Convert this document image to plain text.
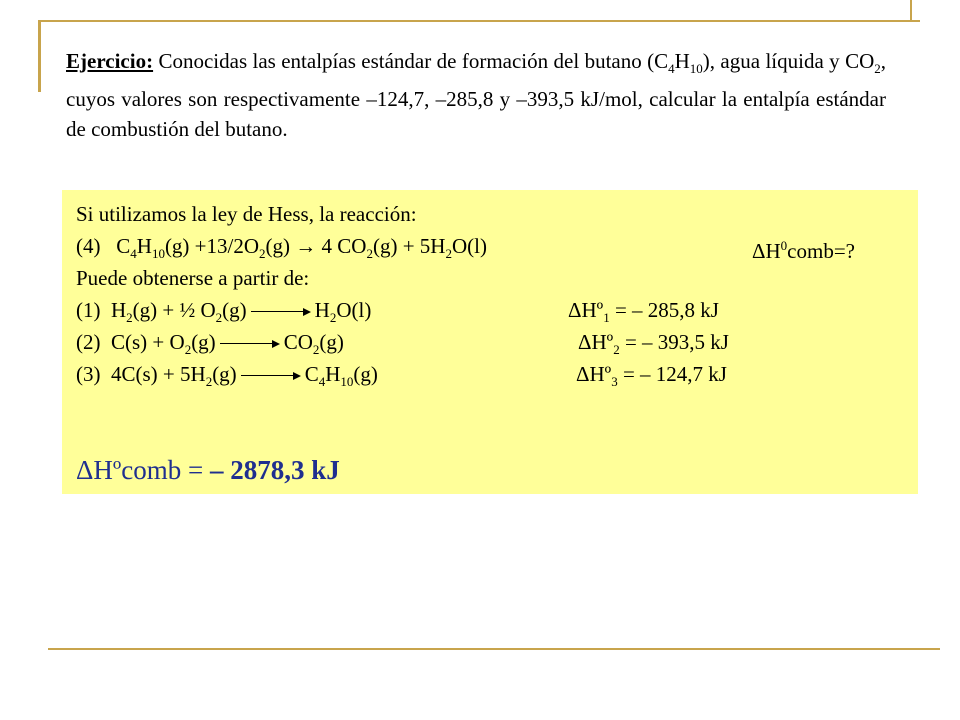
Ejercicio: Conocidas las entalpías estándar de formación del butano $(C_4H_{10})$, agua líquida y $CO_2$, cuyos valores son respectivamente –124,7, –285,8 y –393,5 kJ/mol, calcular la entalpía estándar de combustión del butano.
Si utilizamos la ley de Hess, la reacción:
(4) $C_4H_{10}(g) +13/2O_2(g) \to 4$ $CO_2(g) + 5H_2O(l)$	$\Delta H^0comb=$?
Puede obtenerse a partir de:
(1) $H_2(g)$ + ½ $O_2(g)$	$H_2O(l)$	ΔHº$_1$ = – 285,8 kJ
(2) $C(s) + O_2(g)$	$CO_2(g)$	ΔHº$_2$ = – 393,5 kJ
(3) $4C(s) + 5H_2(g)$	$C_4H_{10}(g)$	ΔHº$_3$ = – 124,7 kJ
ΔHºcomb = – 2878,3 kJ
